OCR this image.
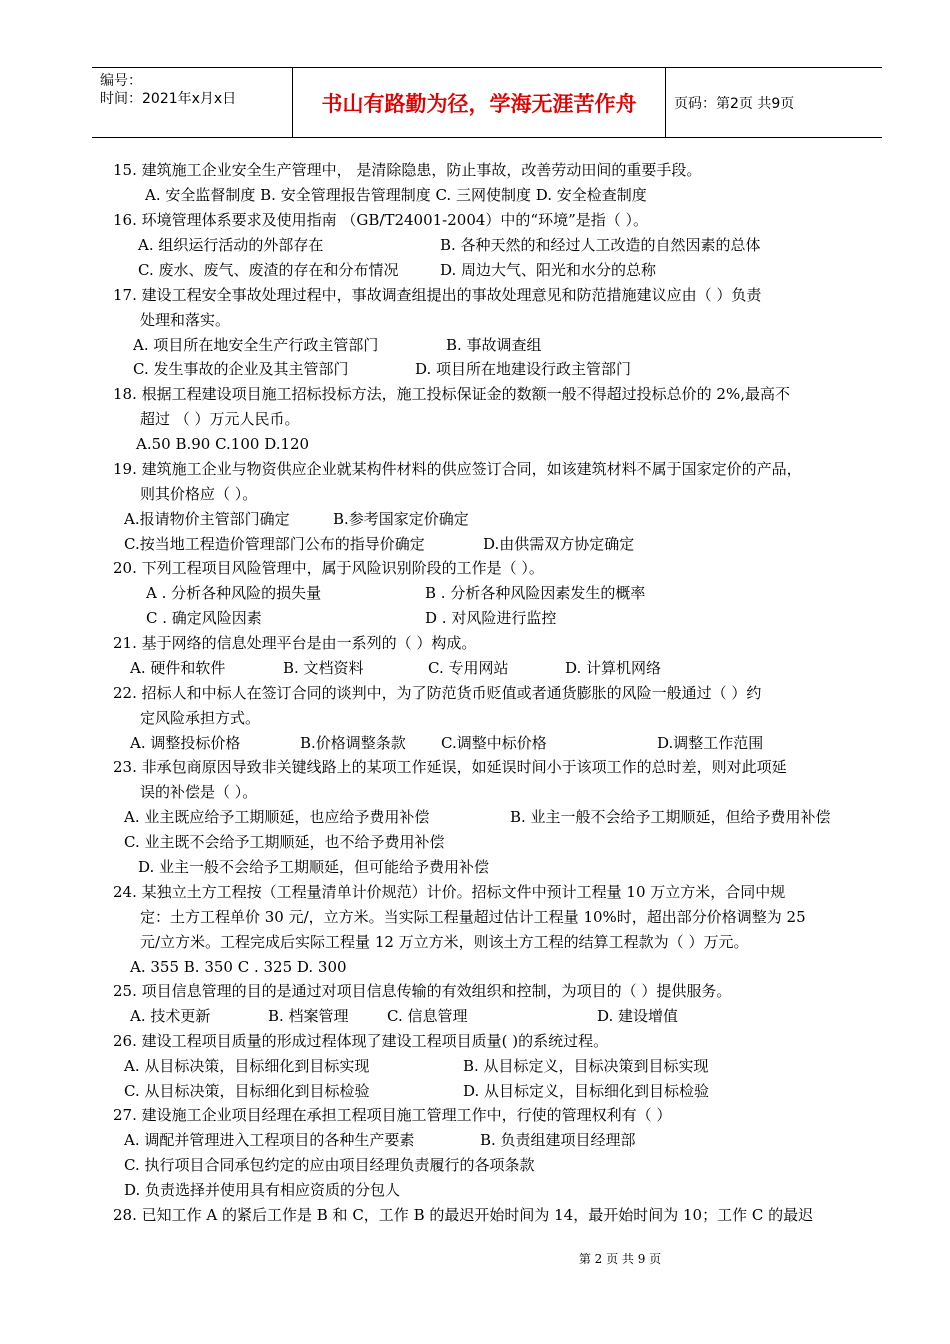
编号：
时间：2021年x月x日	书山有路勤为径，学海无涯苦作舟	页码：第2页 共9页
15. 建筑施工企业安全生产管理中， 是清除隐患，防止事故，改善劳动田间的重要手段。
A. 安全监督制度 B. 安全管理报告管理制度 C. 三网使制度 D. 安全检查制度
16. 环境管理体系要求及使用指南 （GB/T24001-2004）中的“环境”是指（ ）。
A. 组织运行活动的外部存在	B. 各种天然的和经过人工改造的自然因素的总体
C. 废水、废气、废渣的存在和分布情况	D. 周边大气、阳光和水分的总称
17. 建设工程安全事故处理过程中，事故调查组提出的事故处理意见和防范措施建议应由（ ）负责
处理和落实。
A. 项目所在地安全生产行政主管部门	B. 事故调查组
C. 发生事故的企业及其主管部门	D. 项目所在地建设行政主管部门
18. 根据工程建设项目施工招标投标方法，施工投标保证金的数额一般不得超过投标总价的 2%,最高不
超过 （ ）万元人民币。
A.50 B.90 C.100 D.120
19. 建筑施工企业与物资供应企业就某构件材料的供应签订合同，如该建筑材料不属于国家定价的产品，
则其价格应（ ）。
A.报请物价主管部门确定	B.参考国家定价确定
C.按当地工程造价管理部门公布的指导价确定	D.由供需双方协定确定
20. 下列工程项目风险管理中，属于风险识别阶段的工作是（ ）。
A . 分析各种风险的损失量	B . 分析各种风险因素发生的概率
C . 确定风险因素	D . 对风险进行监控
21. 基于网络的信息处理平台是由一系列的（ ）构成。
A. 硬件和软件	B. 文档资料	C. 专用网站	D. 计算机网络
22. 招标人和中标人在签订合同的谈判中，为了防范货币贬值或者通货膨胀的风险一般通过（ ）约
定风险承担方式。
A. 调整投标价格	B.价格调整条款 C.调整中标价格	D.调整工作范围
23. 非承包商原因导致非关键线路上的某项工作延误，如延误时间小于该项工作的总时差，则对此项延
误的补偿是（ ）。
A. 业主既应给予工期顺延，也应给予费用补偿	B. 业主一般不会给予工期顺延，但给予费用补偿
C. 业主既不会给予工期顺延，也不给予费用补偿
D. 业主一般不会给予工期顺延，但可能给予费用补偿
24. 某独立土方工程按（工程量清单计价规范）计价。招标文件中预计工程量 10 万立方米，合同中规
定：土方工程单价 30 元/，立方米。当实际工程量超过估计工程量 10%时，超出部分价格调整为 25
元/立方米。工程完成后实际工程量 12 万立方米，则该土方工程的结算工程款为（ ）万元。
A. 355 B. 350 C . 325 D. 300
25. 项目信息管理的目的是通过对项目信息传输的有效组织和控制，为项目的（ ）提供服务。
A. 技术更新	B. 档案管理	C. 信息管理	D. 建设增值
26. 建设工程项目质量的形成过程体现了建设工程项目质量( )的系统过程。
A. 从目标决策，目标细化到目标实现	B. 从目标定义，目标决策到目标实现
C. 从目标决策，目标细化到目标检验	D. 从目标定义，目标细化到目标检验
27. 建设施工企业项目经理在承担工程项目施工管理工作中，行使的管理权利有（ ）
A. 调配并管理进入工程项目的各种生产要素	B. 负责组建项目经理部
C. 执行项目合同承包约定的应由项目经理负责履行的各项条款
D. 负责选择并使用具有相应资质的分包人
28. 已知工作 A 的紧后工作是 B 和 C，工作 B 的最迟开始时间为 14，最开始时间为 10；工作 C 的最迟
第 2 页 共 9 页
